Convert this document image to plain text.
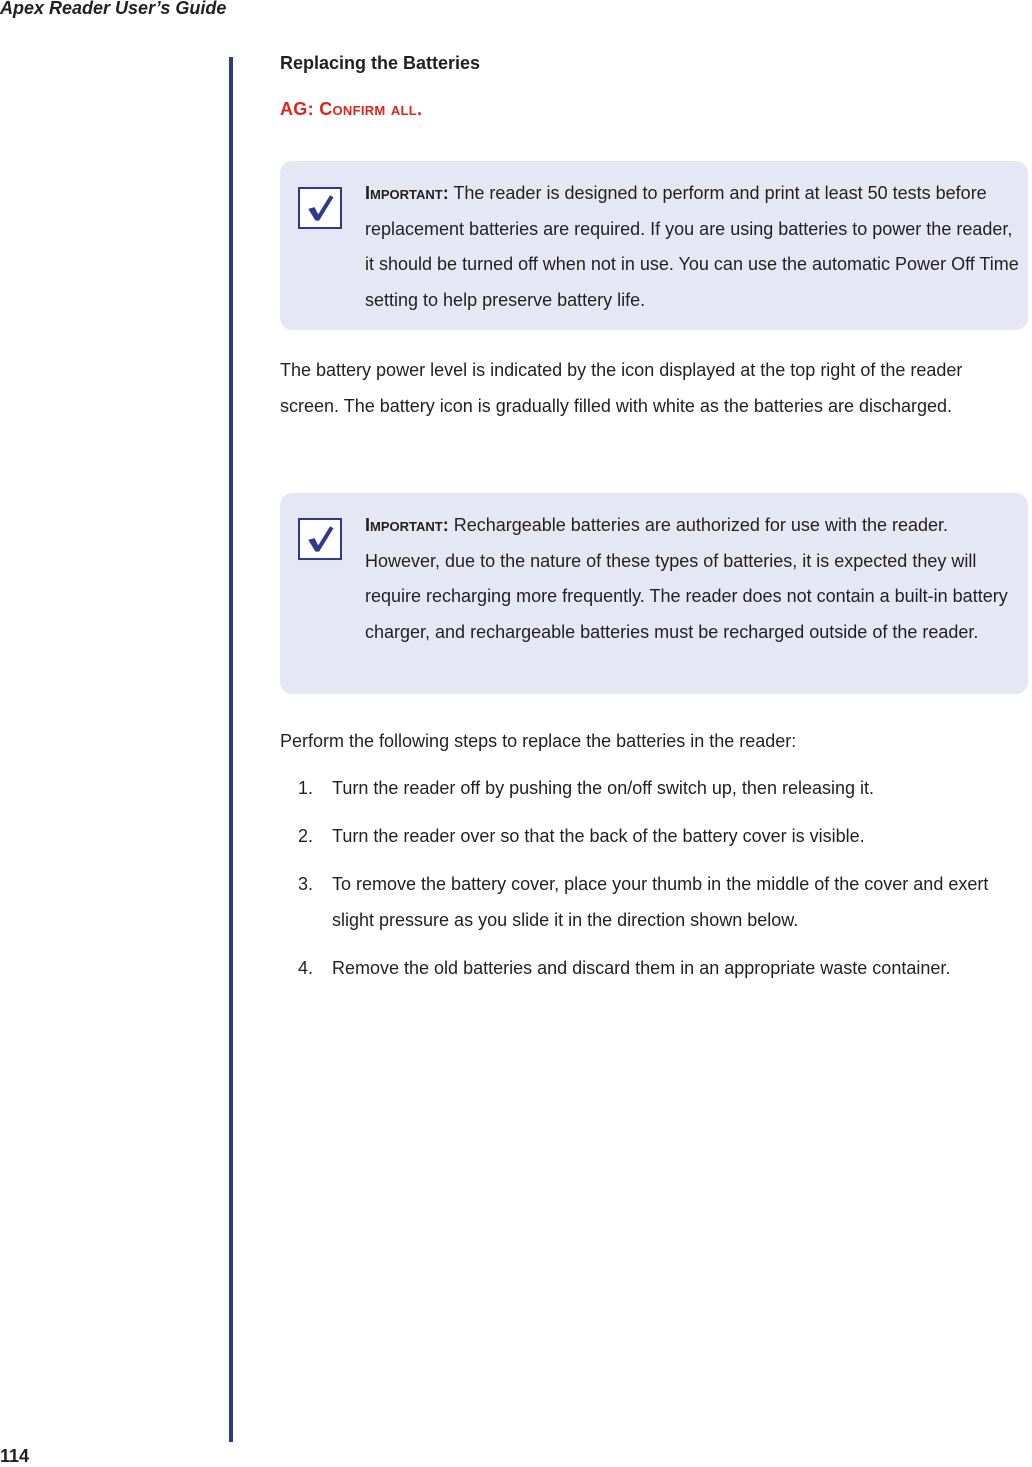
Apex Reader User’s Guide
114
Replacing the Batteries
AG: Confirm all.
Important: The reader is designed to perform and print at least 50 tests before replacement batteries are required. If you are using batteries to power the reader, it should be turned off when not in use. You can use the automatic Power Off Time setting to help preserve battery life.

The battery power level is indicated by the icon displayed at the top right of the reader screen. The battery icon is gradually filled with white as the batteries are discharged.

Important: Rechargeable batteries are authorized for use with the reader. However, due to the nature of these types of batteries, it is expected they will require recharging more frequently. The reader does not contain a built-in battery charger, and rechargeable batteries must be recharged outside of the reader.

Perform the following steps to replace the batteries in the reader:

1. Turn the reader off by pushing the on/off switch up, then releasing it.
2. Turn the reader over so that the back of the battery cover is visible.
3. To remove the battery cover, place your thumb in the middle of the cover and exert slight pressure as you slide it in the direction shown below.
4. Remove the old batteries and discard them in an appropriate waste container.
